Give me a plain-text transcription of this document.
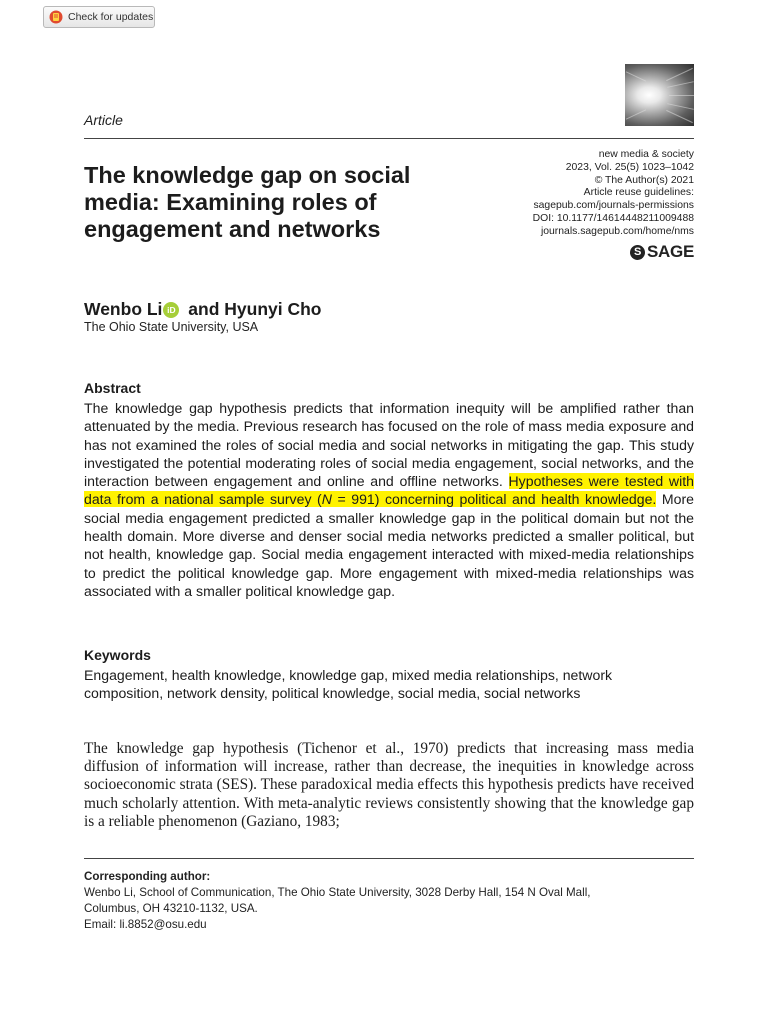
Check for updates
Article
The knowledge gap on social media: Examining roles of engagement and networks
new media & society
2023, Vol. 25(5) 1023–1042
© The Author(s) 2021
Article reuse guidelines:
sagepub.com/journals-permissions
DOI: 10.1177/14614448211009488
journals.sagepub.com/home/nms
S SAGE
Wenbo Li iD and Hyunyi Cho
The Ohio State University, USA
Abstract

The knowledge gap hypothesis predicts that information inequity will be amplified rather than attenuated by the media. Previous research has focused on the role of mass media exposure and has not examined the roles of social media and social networks in mitigating the gap. This study investigated the potential moderating roles of social media engagement, social networks, and the interaction between engagement and online and offline networks. Hypotheses were tested with data from a national sample survey (N = 991) concerning political and health knowledge. More social media engagement predicted a smaller knowledge gap in the political domain but not the health domain. More diverse and denser social media networks predicted a smaller political, but not health, knowledge gap. Social media engagement interacted with mixed-media relationships to predict the political knowledge gap. More engagement with mixed-media relationships was associated with a smaller political knowledge gap.

Keywords

Engagement, health knowledge, knowledge gap, mixed media relationships, network composition, network density, political knowledge, social media, social networks

The knowledge gap hypothesis (Tichenor et al., 1970) predicts that increasing mass media diffusion of information will increase, rather than decrease, the inequities in knowledge across socioeconomic strata (SES). These paradoxical media effects this hypothesis predicts have received much scholarly attention. With meta-analytic reviews consistently showing that the knowledge gap is a reliable phenomenon (Gaziano, 1983;

Corresponding author:
Wenbo Li, School of Communication, The Ohio State University, 3028 Derby Hall, 154 N Oval Mall,
Columbus, OH 43210-1132, USA.
Email: li.8852@osu.edu
